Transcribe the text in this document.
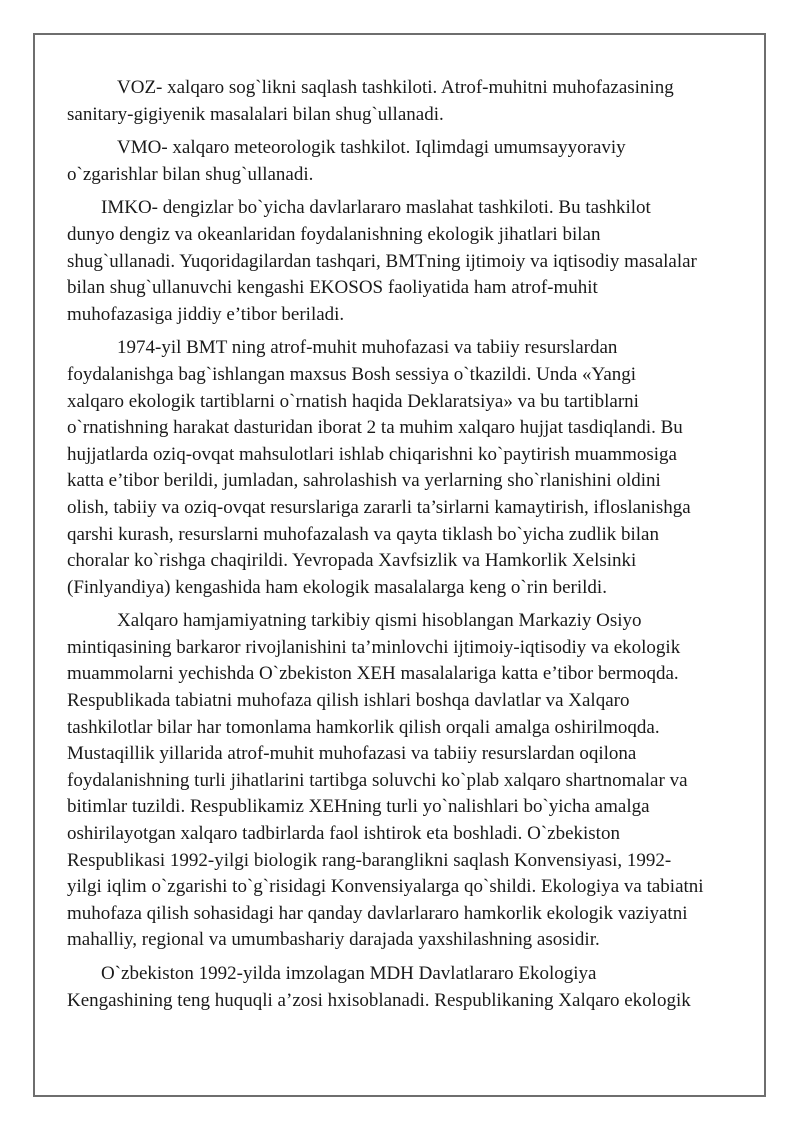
VOZ- xalqaro sog`likni saqlash tashkiloti. Atrof-muhitni muhofazasining
sanitary-gigiyenik masalalari bilan shug`ullanadi.

VMO- xalqaro meteorologik tashkilot. Iqlimdagi umumsayyoraviy
o`zgarishlar bilan shug`ullanadi.

IMKO- dengizlar bo`yicha davlarlararo maslahat tashkiloti. Bu tashkilot
dunyo dengiz va okeanlaridan foydalanishning ekologik jihatlari bilan
shug`ullanadi. Yuqoridagilardan tashqari, BMTning ijtimoiy va iqtisodiy masalalar
bilan shug`ullanuvchi kengashi EKOSOS faoliyatida ham atrof-muhit
muhofazasiga jiddiy e’tibor beriladi.

1974-yil BMT ning atrof-muhit muhofazasi va tabiiy resurslardan
foydalanishga bag`ishlangan maxsus Bosh sessiya o`tkazildi. Unda «Yangi
xalqaro ekologik tartiblarni o`rnatish haqida Deklaratsiya» va bu tartiblarni
o`rnatishning harakat dasturidan iborat 2 ta muhim xalqaro hujjat tasdiqlandi. Bu
hujjatlarda oziq-ovqat mahsulotlari ishlab chiqarishni ko`paytirish muammosiga
katta e’tibor berildi, jumladan, sahrolashish va yerlarning sho`rlanishini oldini
olish, tabiiy va oziq-ovqat resurslariga zararli ta’sirlarni kamaytirish, ifloslanishga
qarshi kurash, resurslarni muhofazalash va qayta tiklash bo`yicha zudlik bilan
choralar ko`rishga chaqirildi. Yevropada Xavfsizlik va Hamkorlik Xelsinki
(Finlyandiya) kengashida ham ekologik masalalarga keng o`rin berildi.

Xalqaro hamjamiyatning tarkibiy qismi hisoblangan Markaziy Osiyo
mintiqasining barkaror rivojlanishini ta’minlovchi ijtimoiy-iqtisodiy va ekologik
muammolarni yechishda O`zbekiston XEH masalalariga katta e’tibor bermoqda.
Respublikada tabiatni muhofaza qilish ishlari boshqa davlatlar va Xalqaro
tashkilotlar bilar har tomonlama hamkorlik qilish orqali amalga oshirilmoqda.
Mustaqillik yillarida atrof-muhit muhofazasi va tabiiy resurslardan oqilona
foydalanishning turli jihatlarini tartibga soluvchi ko`plab xalqaro shartnomalar va
bitimlar tuzildi. Respublikamiz XEHning turli yo`nalishlari bo`yicha amalga
oshirilayotgan xalqaro tadbirlarda faol ishtirok eta boshladi. O`zbekiston
Respublikasi 1992-yilgi biologik rang-baranglikni saqlash Konvensiyasi, 1992-
yilgi iqlim o`zgarishi to`g`risidagi Konvensiyalarga qo`shildi. Ekologiya va tabiatni
muhofaza qilish sohasidagi har qanday davlarlararo hamkorlik ekologik vaziyatni
mahalliy, regional va umumbashariy darajada yaxshilashning asosidir.

O`zbekiston 1992-yilda imzolagan MDH Davlatlararo Ekologiya
Kengashining teng huquqli a’zosi hxisoblanadi. Respublikaning Xalqaro ekologik
